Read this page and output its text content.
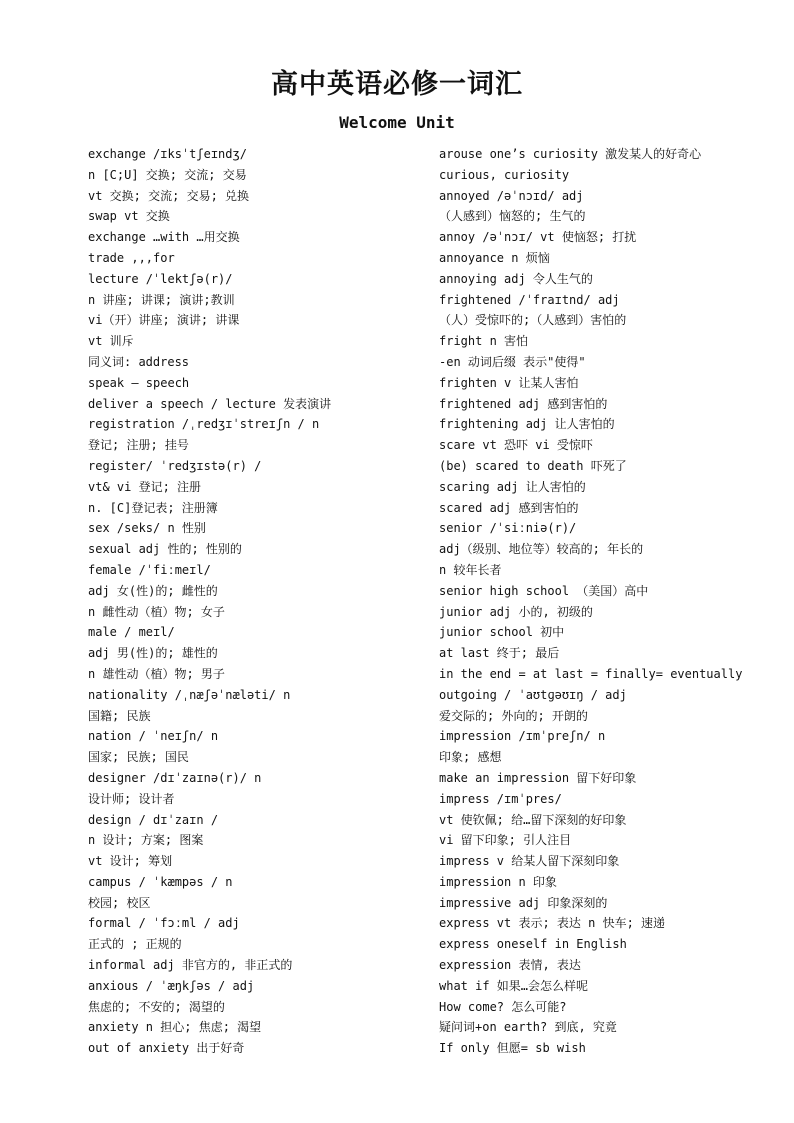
高中英语必修一词汇
Welcome Unit
exchange /ɪksˈtʃeɪndʒ/
n [C;U] 交换; 交流; 交易
vt 交换; 交流; 交易; 兑换
swap vt 交换
exchange …with …用交换
trade ,,,for
lecture /ˈlektʃə(r)/
n 讲座; 讲课; 演讲;教训
vi（开）讲座; 演讲; 讲课
vt 训斥
同义词: address
speak – speech
deliver a speech / lecture 发表演讲
registration /ˌredʒɪˈstreɪʃn / n
登记; 注册; 挂号
register/ ˈredʒɪstə(r) /
vt& vi 登记; 注册
n. [C]登记表; 注册簿
sex /seks/ n 性别
sexual adj 性的; 性别的
female /ˈfiːmeɪl/
adj 女(性)的; 雌性的
n 雌性动（植）物; 女子
male / meɪl/
adj 男(性)的; 雄性的
n 雄性动（植）物; 男子
nationality /ˌnæʃəˈnæləti/ n
国籍; 民族
nation / ˈneɪʃn/ n
国家; 民族; 国民
designer /dɪˈzaɪnə(r)/ n
设计师; 设计者
design / dɪˈzaɪn /
n 设计; 方案; 图案
vt 设计; 筹划
campus / ˈkæmpəs / n
校园; 校区
formal / ˈfɔːml / adj
正式的 ; 正规的
informal adj 非官方的, 非正式的
anxious / ˈæŋkʃəs / adj
焦虑的; 不安的; 渴望的
anxiety n 担心; 焦虑; 渴望
out of anxiety 出于好奇
arouse one’s curiosity 激发某人的好奇心
curious, curiosity
annoyed /əˈnɔɪd/ adj
（人感到）恼怒的; 生气的
annoy /əˈnɔɪ/ vt 使恼怒; 打扰
annoyance n 烦恼
annoying adj 令人生气的
frightened /ˈfraɪtnd/ adj
（人）受惊吓的;（人感到）害怕的
fright n 害怕
-en 动词后缀 表示"使得"
frighten v 让某人害怕
frightened adj 感到害怕的
frightening adj 让人害怕的
scare vt 恐吓 vi 受惊吓
(be) scared to death 吓死了
scaring adj 让人害怕的
scared adj 感到害怕的
senior /ˈsiːniə(r)/
adj（级别、地位等）较高的; 年长的
n 较年长者
senior high school （美国）高中
junior adj 小的, 初级的
junior school 初中
at last 终于; 最后
in the end = at last = finally= eventually
outgoing / ˈaʊtɡəʊɪŋ / adj
爱交际的; 外向的; 开朗的
impression /ɪmˈpreʃn/ n
印象; 感想
make an impression 留下好印象
impress /ɪmˈpres/
vt 使钦佩; 给…留下深刻的好印象
vi 留下印象; 引人注目
impress v 给某人留下深刻印象
impression n 印象
impressive adj 印象深刻的
express vt 表示; 表达 n 快车; 速递
express oneself in English
expression 表情, 表达
what if 如果…会怎么样呢
How come? 怎么可能?
疑问词+on earth? 到底, 究竟
If only 但愿= sb wish
